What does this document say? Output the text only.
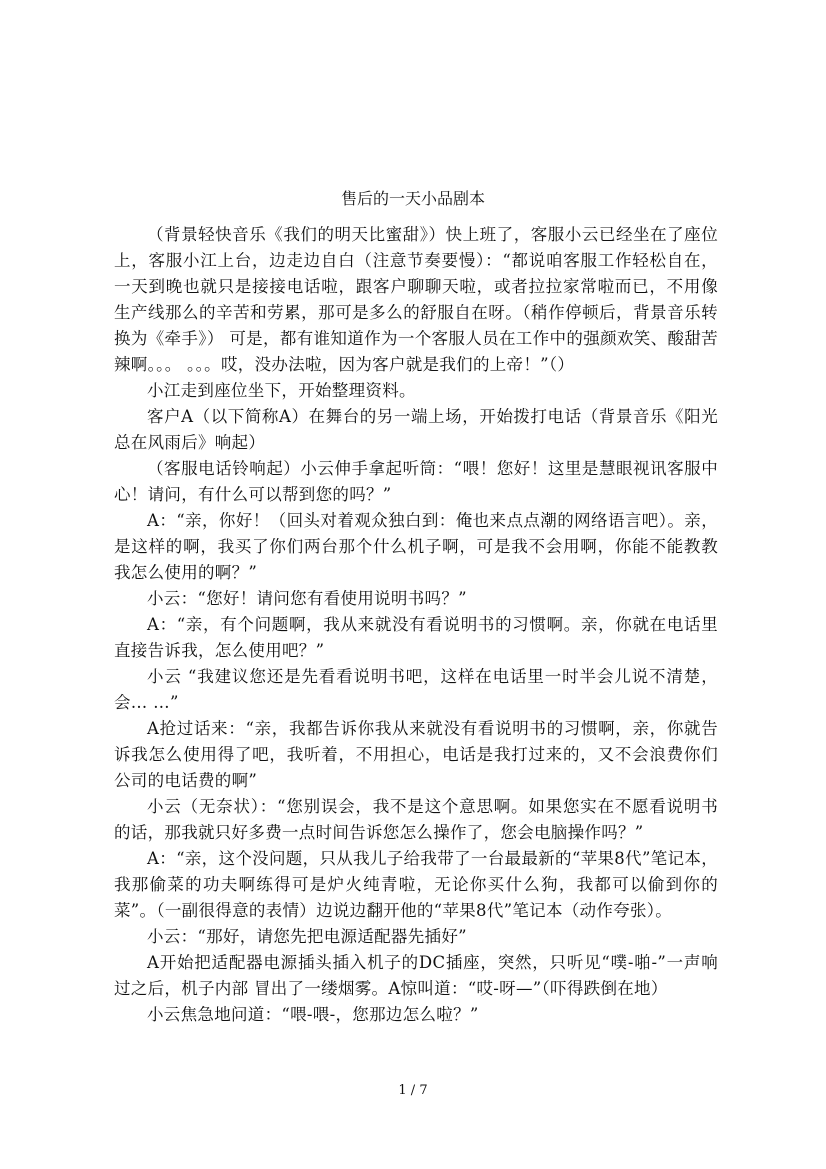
售后的一天小品剧本

（背景轻快音乐《我们的明天比蜜甜》）快上班了，客服小云已经坐在了座位上，客服小江上台，边走边自白（注意节奏要慢）：“都说咱客服工作轻松自在，一天到晚也就只是接接电话啦，跟客户聊聊天啦，或者拉拉家常啦而已，不用像生产线那么的辛苦和劳累，那可是多么的舒服自在呀。（稍作停顿后，背景音乐转换为《牵手》） 可是，都有谁知道作为一个客服人员在工作中的强颜欢笑、酸甜苦辣啊。。。 。。。哎，没办法啦，因为客户就是我们的上帝！”（）

小江走到座位坐下，开始整理资料。

客户A（以下简称A）在舞台的另一端上场，开始拨打电话（背景音乐《阳光总在风雨后》响起）

（客服电话铃响起）小云伸手拿起听筒：“喂！您好！这里是慧眼视讯客服中心！请问，有什么可以帮到您的吗？”

A：“亲，你好！（回头对着观众独白到：俺也来点点潮的网络语言吧）。亲，是这样的啊，我买了你们两台那个什么机子啊，可是我不会用啊，你能不能教教我怎么使用的啊？”

小云：“您好！请问您有看使用说明书吗？”

A：“亲，有个问题啊，我从来就没有看说明书的习惯啊。亲，你就在电话里直接告诉我，怎么使用吧？”

小云 “我建议您还是先看看说明书吧，这样在电话里一时半会儿说不清楚，会… …”

A抢过话来：“亲，我都告诉你我从来就没有看说明书的习惯啊，亲，你就告诉我怎么使用得了吧，我听着，不用担心，电话是我打过来的，又不会浪费你们公司的电话费的啊”

小云（无奈状）：“您别误会，我不是这个意思啊。如果您实在不愿看说明书的话，那我就只好多费一点时间告诉您怎么操作了，您会电脑操作吗？”

A：“亲，这个没问题，只从我儿子给我带了一台最最新的“苹果8代”笔记本，我那偷菜的功夫啊练得可是炉火纯青啦，无论你买什么狗，我都可以偷到你的菜”。（一副很得意的表情）边说边翻开他的“苹果8代”笔记本（动作夸张）。

小云：“那好，请您先把电源适配器先插好”

A开始把适配器电源插头插入机子的DC插座，突然，只听见“噗-啪-”一声响过之后，机子内部 冒出了一缕烟雾。A惊叫道：“哎-呀—”（吓得跌倒在地）

小云焦急地问道：“喂-喂-，您那边怎么啦？”

1 / 7
